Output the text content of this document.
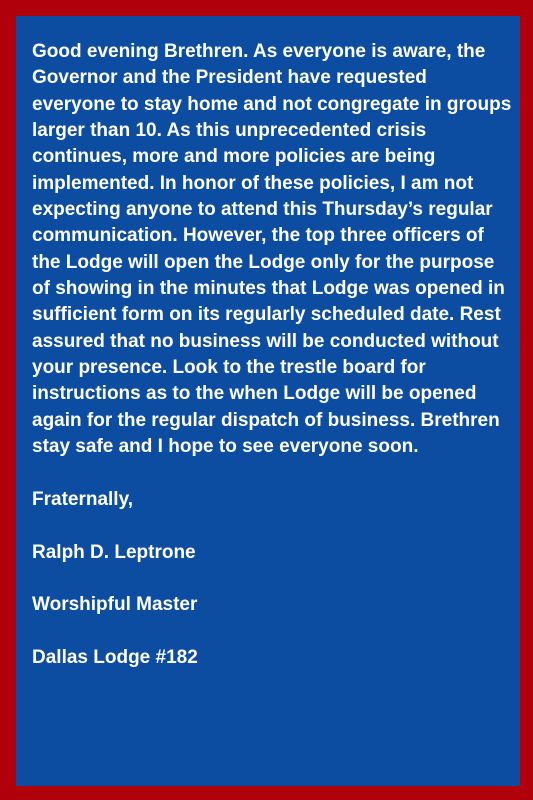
Good evening Brethren. As everyone is aware, the Governor and the President have requested everyone to stay home and not congregate in groups larger than 10. As this unprecedented crisis continues, more and more policies are being implemented. In honor of these policies, I am not expecting anyone to attend this Thursday’s regular communication. However, the top three officers of the Lodge will open the Lodge only for the purpose of showing in the minutes that Lodge was opened in sufficient form on its regularly scheduled date. Rest assured that no business will be conducted without your presence. Look to the trestle board for instructions as to the when Lodge will be opened again for the regular dispatch of business. Brethren stay safe and I hope to see everyone soon.

Fraternally,

Ralph D. Leptrone

Worshipful Master

Dallas Lodge #182
